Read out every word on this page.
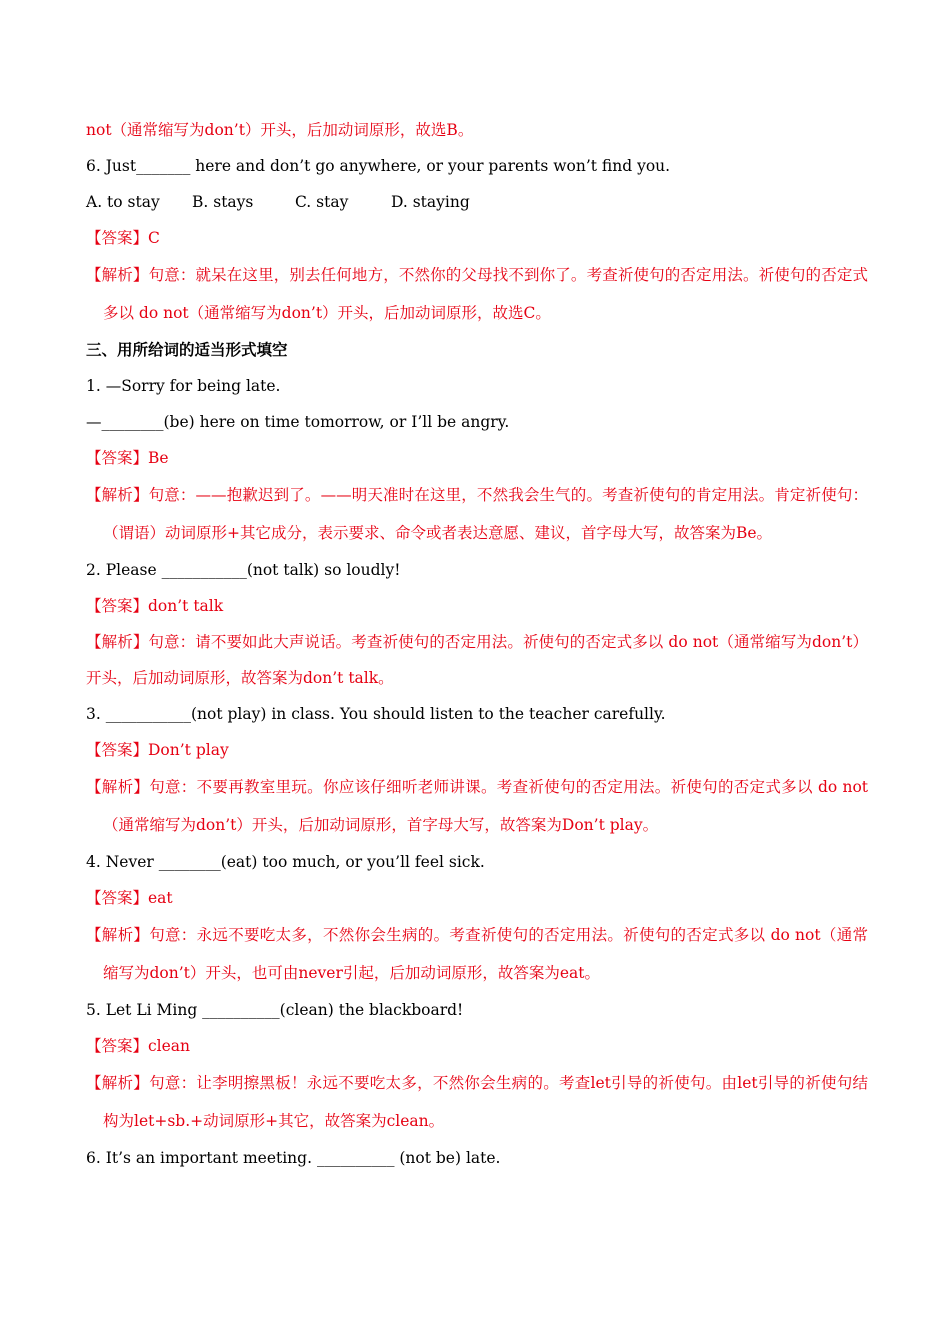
not（通常缩写为don’t）开头，后加动词原形，故选B。
6. Just_______ here and don’t go anywhere, or your parents won’t find you.
A. to stay	B. stays	C. stay	D. staying
【答案】C
【解析】句意：就呆在这里，别去任何地方，不然你的父母找不到你了。考查祈使句的否定用法。祈使句的否定式多以 do not（通常缩写为don’t）开头，后加动词原形，故选C。
三、用所给词的适当形式填空
1. —Sorry for being late.
—________(be) here on time tomorrow, or I’ll be angry.
【答案】Be
【解析】句意：——抱歉迟到了。——明天准时在这里，不然我会生气的。考查祈使句的肯定用法。肯定祈使句：（谓语）动词原形+其它成分，表示要求、命令或者表达意愿、建议，首字母大写，故答案为Be。
2. Please ___________(not talk) so loudly!
【答案】don’t talk
【解析】句意：请不要如此大声说话。考查祈使句的否定用法。祈使句的否定式多以 do not（通常缩写为don’t）开头，后加动词原形，故答案为don’t talk。
3. ___________(not play) in class. You should listen to the teacher carefully.
【答案】Don’t play
【解析】句意：不要再教室里玩。你应该仔细听老师讲课。考查祈使句的否定用法。祈使句的否定式多以 do not（通常缩写为don’t）开头，后加动词原形，首字母大写，故答案为Don’t play。
4. Never ________(eat) too much, or you’ll feel sick.
【答案】eat
【解析】句意：永远不要吃太多，不然你会生病的。考查祈使句的否定用法。祈使句的否定式多以 do not（通常缩写为don’t）开头，也可由never引起，后加动词原形，故答案为eat。
5. Let Li Ming __________(clean) the blackboard!
【答案】clean
【解析】句意：让李明擦黑板！永远不要吃太多，不然你会生病的。考查let引导的祈使句。由let引导的祈使句结构为let+sb.+动词原形+其它，故答案为clean。
6. It’s an important meeting. __________ (not be) late.
